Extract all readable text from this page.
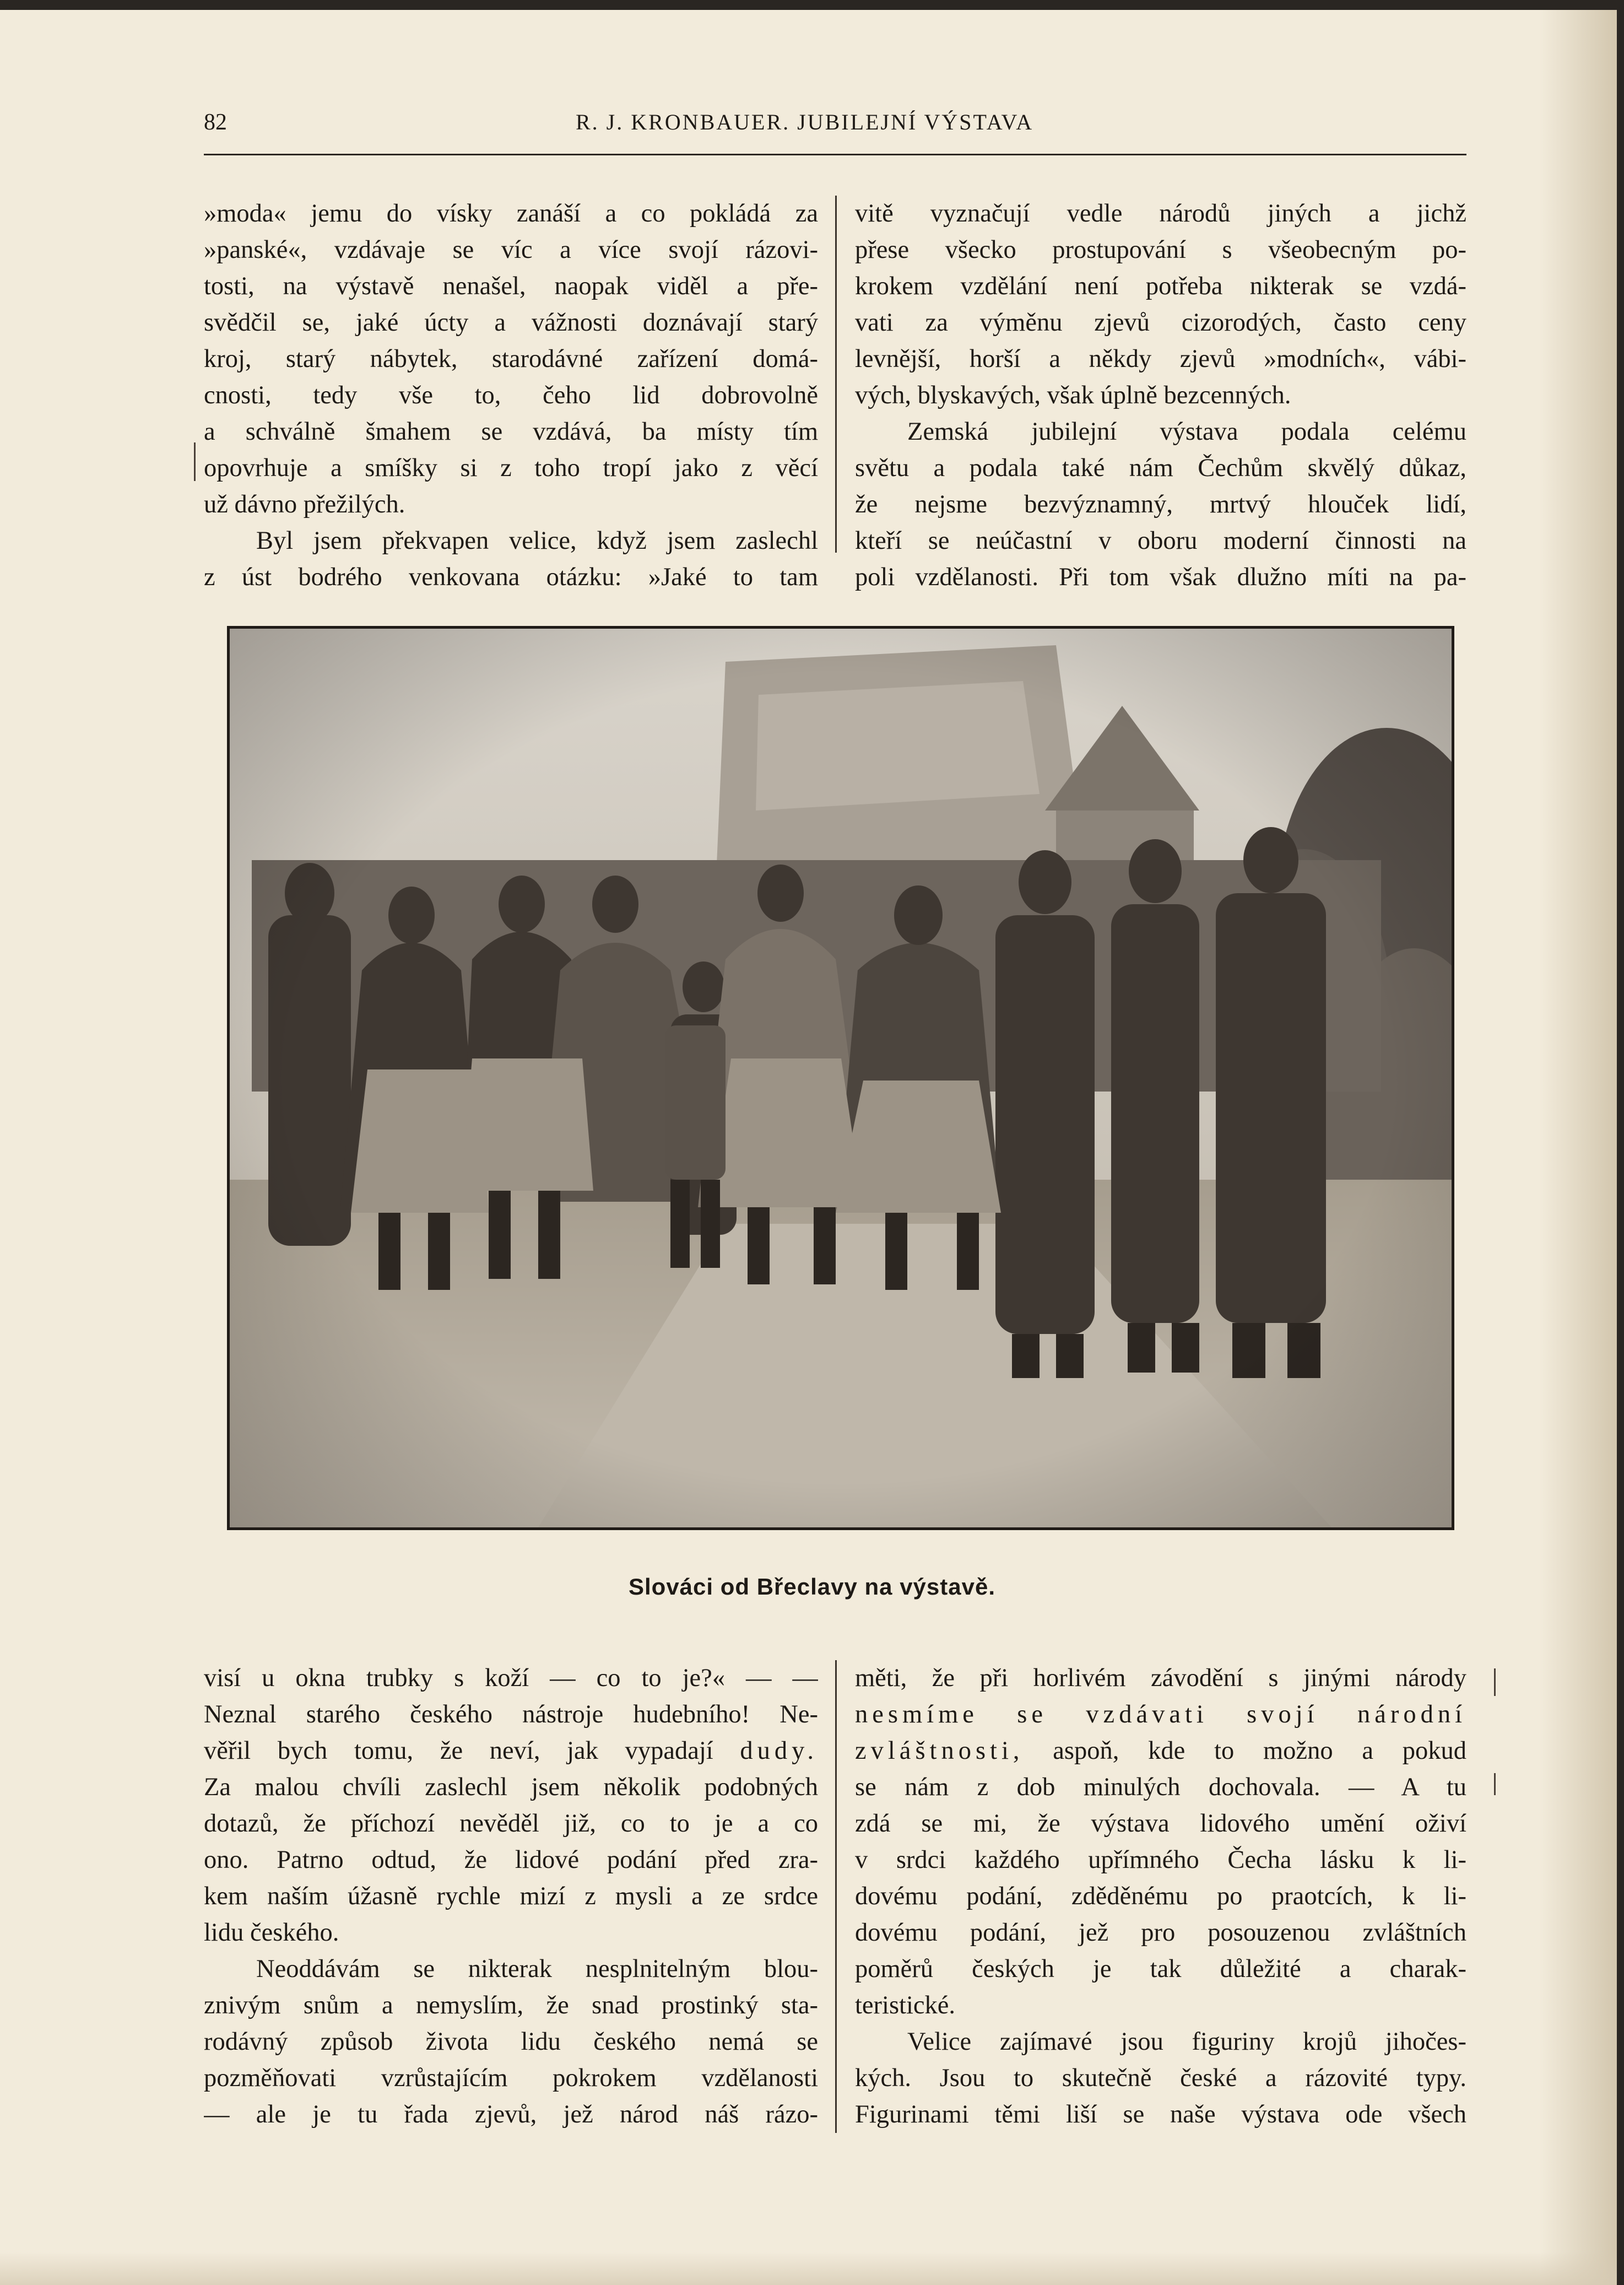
82	R. J. KRONBAUER. JUBILEJNÍ VÝSTAVA
»moda« jemu do vísky zanáší a co pokládá za
»panské«, vzdávaje se víc a více svojí rázovi-
tosti, na výstavě nenašel, naopak viděl a pře-
svědčil se, jaké úcty a vážnosti doznávají starý
kroj, starý nábytek, starodávné zařízení domá-
cnosti, tedy vše to, čeho lid dobrovolně
a schválně šmahem se vzdává, ba místy tím
opovrhuje a smíšky si z toho tropí jako z věcí
už dávno přežilých.
Byl jsem překvapen velice, když jsem zaslechl
z úst bodrého venkovana otázku: »Jaké to tam
vitě vyznačují vedle národů jiných a jichž
přese všecko prostupování s všeobecným po-
krokem vzdělání není potřeba nikterak se vzdá-
vati za výměnu zjevů cizorodých, často ceny
levnější, horší a někdy zjevů »modních«, vábi-
vých, blyskavých, však úplně bezcenných.
Zemská jubilejní výstava podala celému
světu a podala také nám Čechům skvělý důkaz,
že nejsme bezvýznamný, mrtvý hlouček lidí,
kteří se neúčastní v oboru moderní činnosti na
poli vzdělanosti. Při tom však dlužno míti na pa-
Slováci od Břeclavy na výstavě.
visí u okna trubky s koží — co to je?« — —
Neznal starého českého nástroje hudebního! Ne-
věřil bych tomu, že neví, jak vypadají dudy.
Za malou chvíli zaslechl jsem několik podobných
dotazů, že příchozí nevěděl již, co to je a co
ono. Patrno odtud, že lidové podání před zra-
kem naším úžasně rychle mizí z mysli a ze srdce
lidu českého.
Neoddávám se nikterak nesplnitelným blou-
znivým snům a nemyslím, že snad prostinký sta-
rodávný způsob života lidu českého nemá se
pozměňovati vzrůstajícím pokrokem vzdělanosti
— ale je tu řada zjevů, jež národ náš rázo-
měti, že při horlivém závodění s jinými národy
nesmíme se vzdávati svojí národní
zvláštnosti, aspoň, kde to možno a pokud
se nám z dob minulých dochovala. — A tu
zdá se mi, že výstava lidového umění oživí
v srdci každého upřímného Čecha lásku k li-
dovému podání, zděděnému po praotcích, k li-
dovému podání, jež pro posouzenou zvláštních
poměrů českých je tak důležité a charak-
teristické.
Velice zajímavé jsou figuriny krojů jihočes-
kých. Jsou to skutečně české a rázovité typy.
Figurinami těmi liší se naše výstava ode všech
